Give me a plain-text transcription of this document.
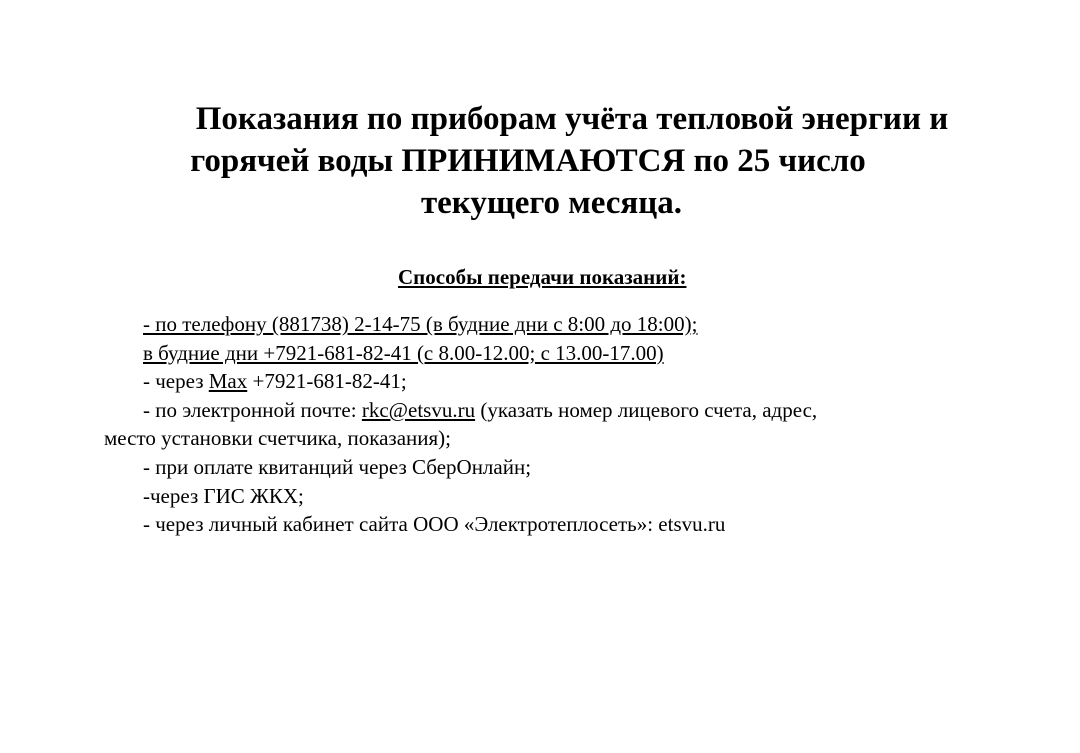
Показания по приборам учёта тепловой энергии и
горячей воды ПРИНИМАЮТСЯ по 25 число
текущего месяца.
Способы передачи показаний:
- по телефону (881738) 2-14-75 (в будние дни с 8:00 до 18:00);
в будние дни +7921-681-82-41 (с 8.00-12.00; с 13.00-17.00)
- через Max +7921-681-82-41;
- по электронной почте: rkc@etsvu.ru (указать номер лицевого счета, адрес,
место установки счетчика, показания);
- при оплате квитанций через СберОнлайн;
-через ГИС ЖКХ;
- через личный кабинет сайта ООО «Электротеплосеть»: etsvu.ru
